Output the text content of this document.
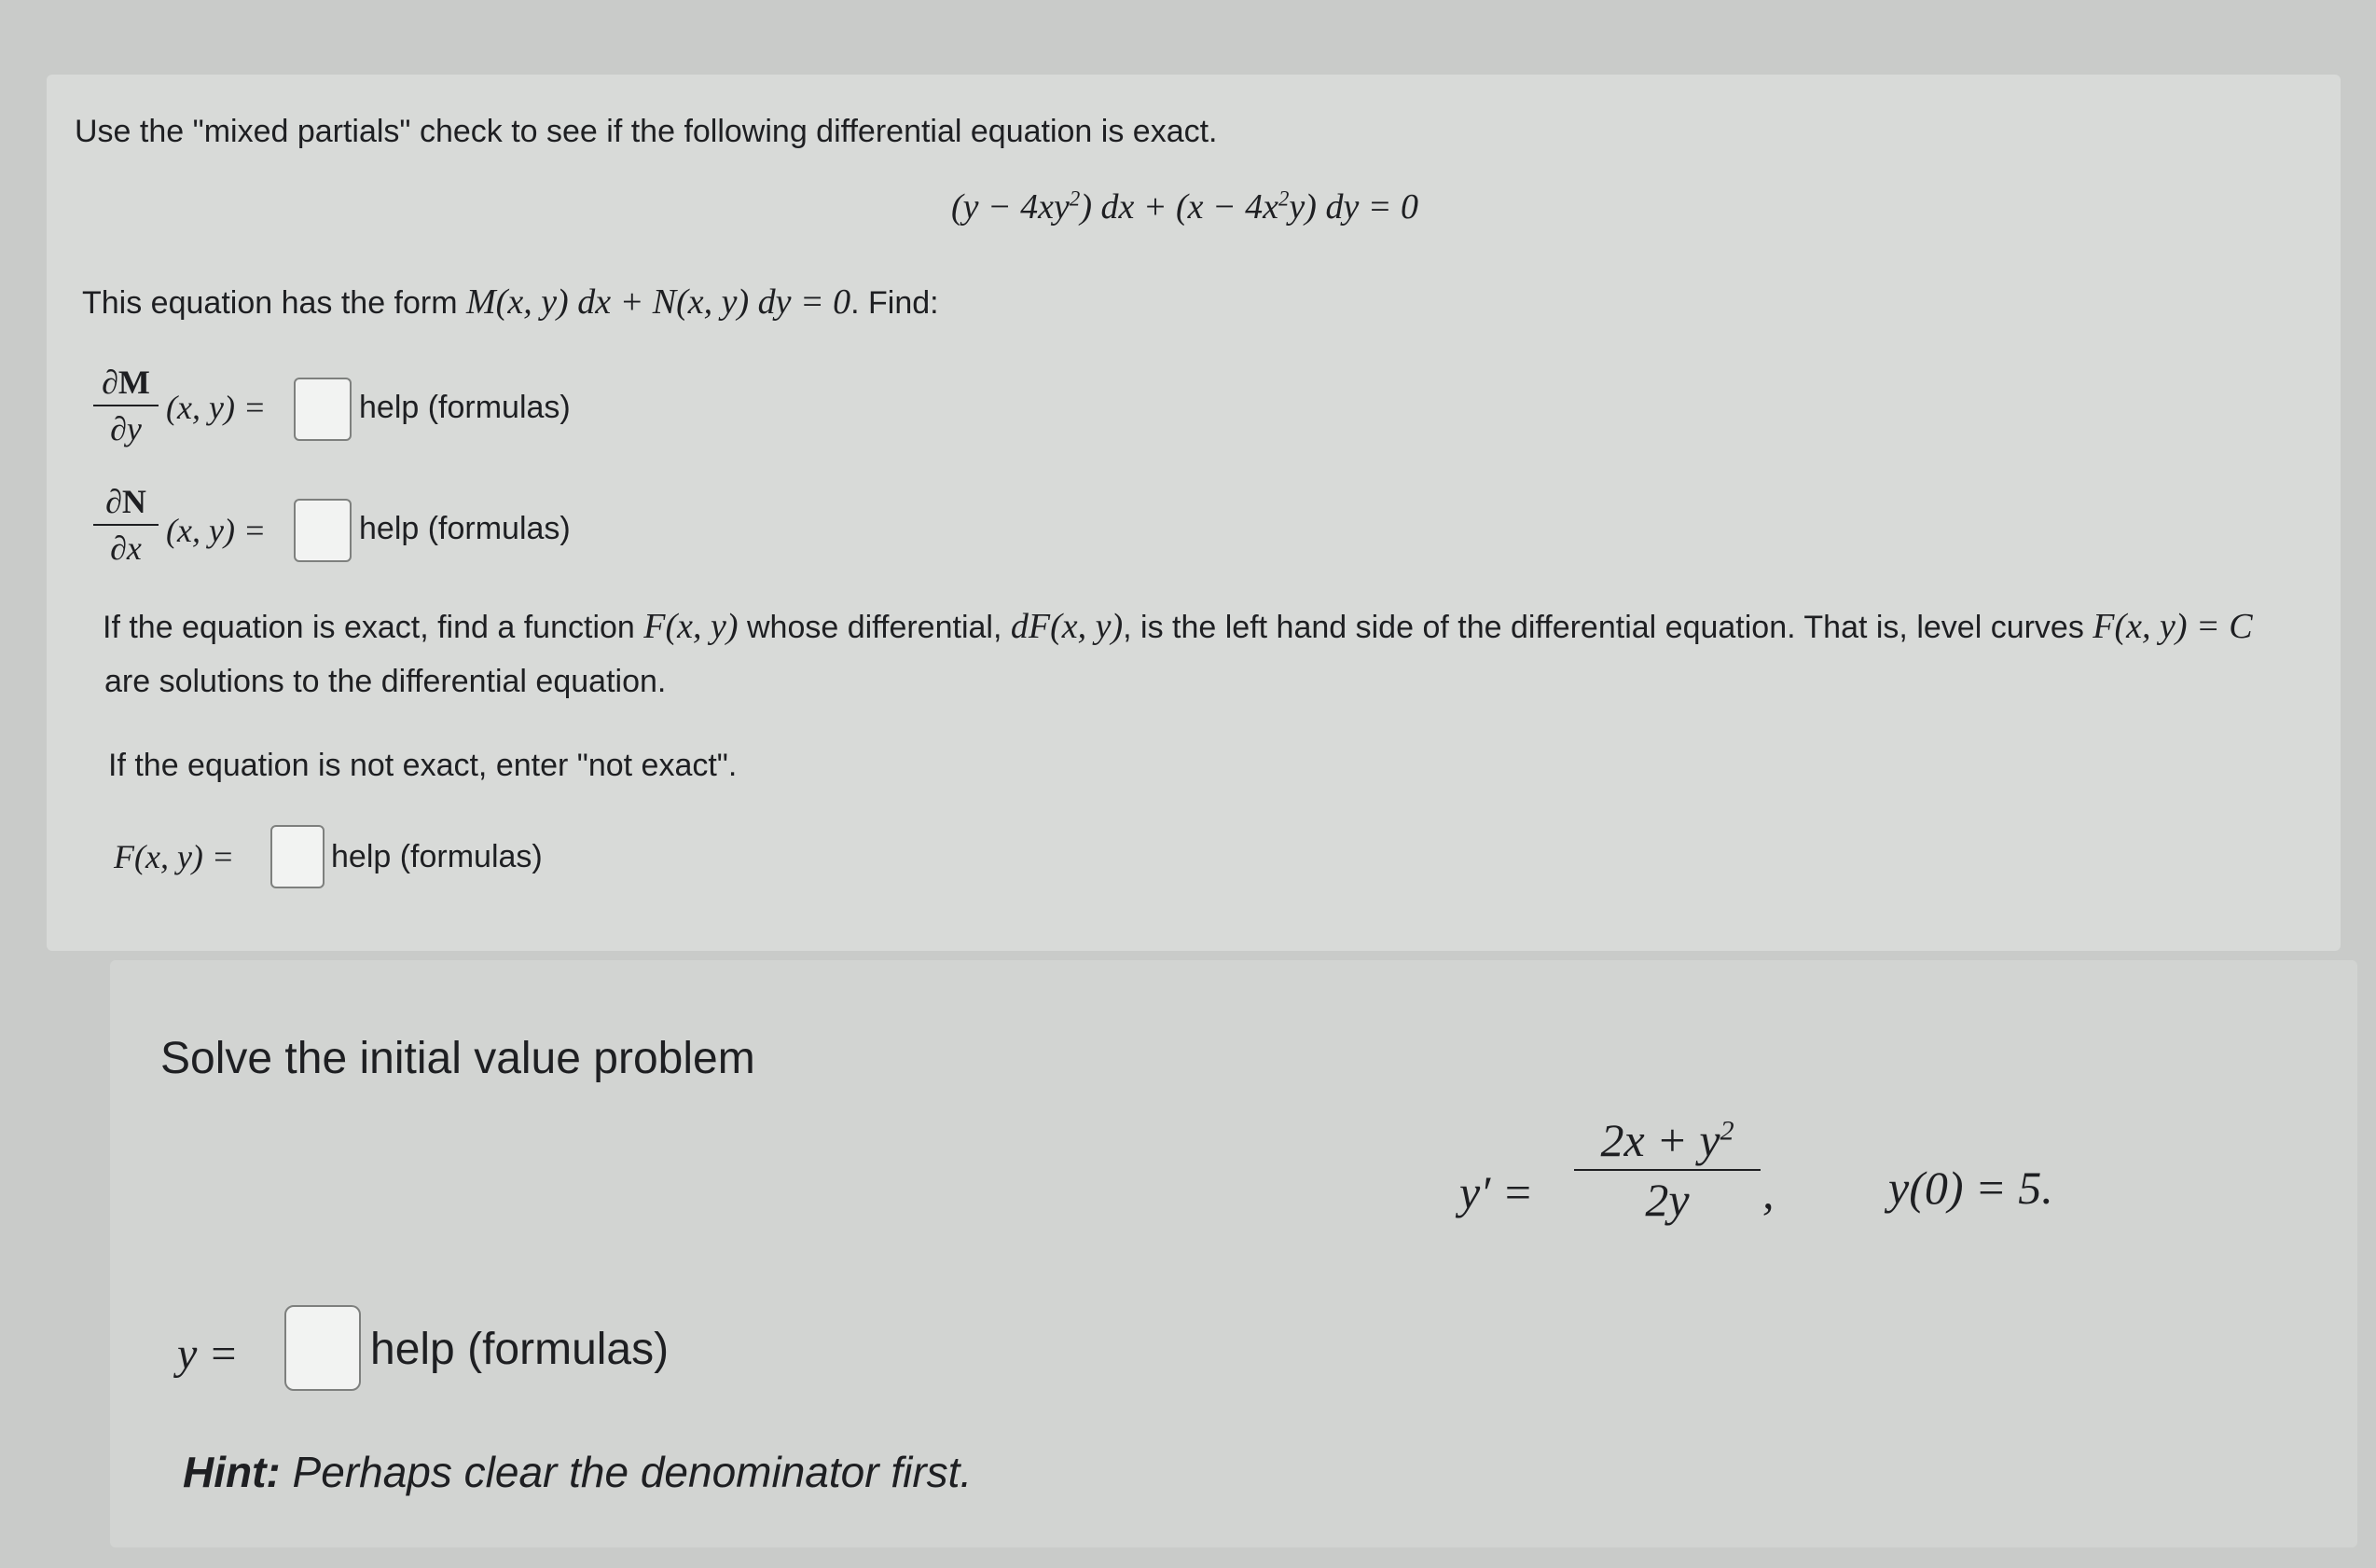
Use the "mixed partials" check to see if the following differential equation is exact.
$(y - 4xy^2)$ dx + $(x - 4x^2y)$ dy = 0
This equation has the form M(x, y) dx + N(x, y) dy = 0. Find:
∂M
∂y
(x, y) =	help (formulas)
∂N
∂x (x, y) =	help (formulas)
If the equation is exact, find a function F(x, y) whose differential, dF(x, y), is the left hand side of the differential equation. That is, level curves F(x, y) = C
are solutions to the differential equation.
If the equation is not exact, enter "not exact".
F(x, y) =	help (formulas)
Solve the initial value problem
y′ =
$2x + y^2$
2y , y(0) = 5.
y =	help (formulas)
Hint: Perhaps clear the denominator first.
